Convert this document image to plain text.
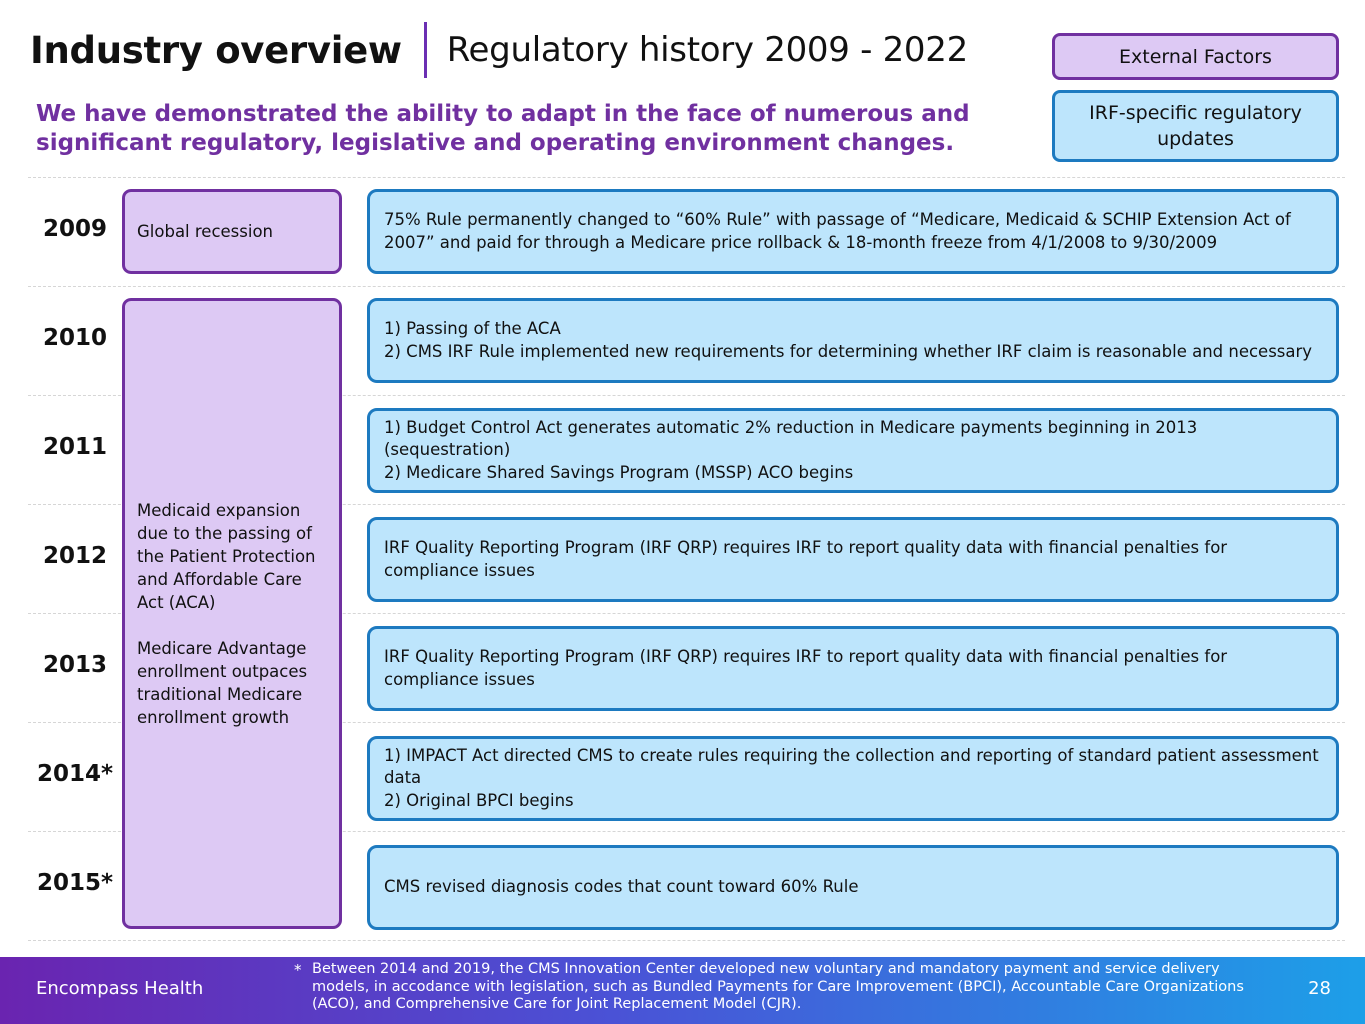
Industry overview Regulatory history 2009 - 2022
We have demonstrated the ability to adapt in the face of numerous and significant regulatory, legislative and operating environment changes.
External Factors
IRF-specific regulatory updates
2009
2010
2011
2012
2013
2014*
2015*
Global recession

Medicaid expansion due to the passing of the Patient Protection and Affordable Care Act (ACA)

Medicare Advantage enrollment outpaces traditional Medicare enrollment growth

75% Rule permanently changed to “60% Rule” with passage of “Medicare, Medicaid & SCHIP Extension Act of 2007” and paid for through a Medicare price rollback & 18-month freeze from 4/1/2008 to 9/30/2009
1) Passing of the ACA
2) CMS IRF Rule implemented new requirements for determining whether IRF claim is reasonable and necessary
1) Budget Control Act generates automatic 2% reduction in Medicare payments beginning in 2013 (sequestration)
2) Medicare Shared Savings Program (MSSP) ACO begins
IRF Quality Reporting Program (IRF QRP) requires IRF to report quality data with financial penalties for compliance issues
IRF Quality Reporting Program (IRF QRP) requires IRF to report quality data with financial penalties for compliance issues
1) IMPACT Act directed CMS to create rules requiring the collection and reporting of standard patient assessment data
2) Original BPCI begins
CMS revised diagnosis codes that count toward 60% Rule
Encompass Health
* Between 2014 and 2019, the CMS Innovation Center developed new voluntary and mandatory payment and service delivery models, in accodance with legislation, such as Bundled Payments for Care Improvement (BPCI), Accountable Care Organizations (ACO), and Comprehensive Care for Joint Replacement Model (CJR).
28
